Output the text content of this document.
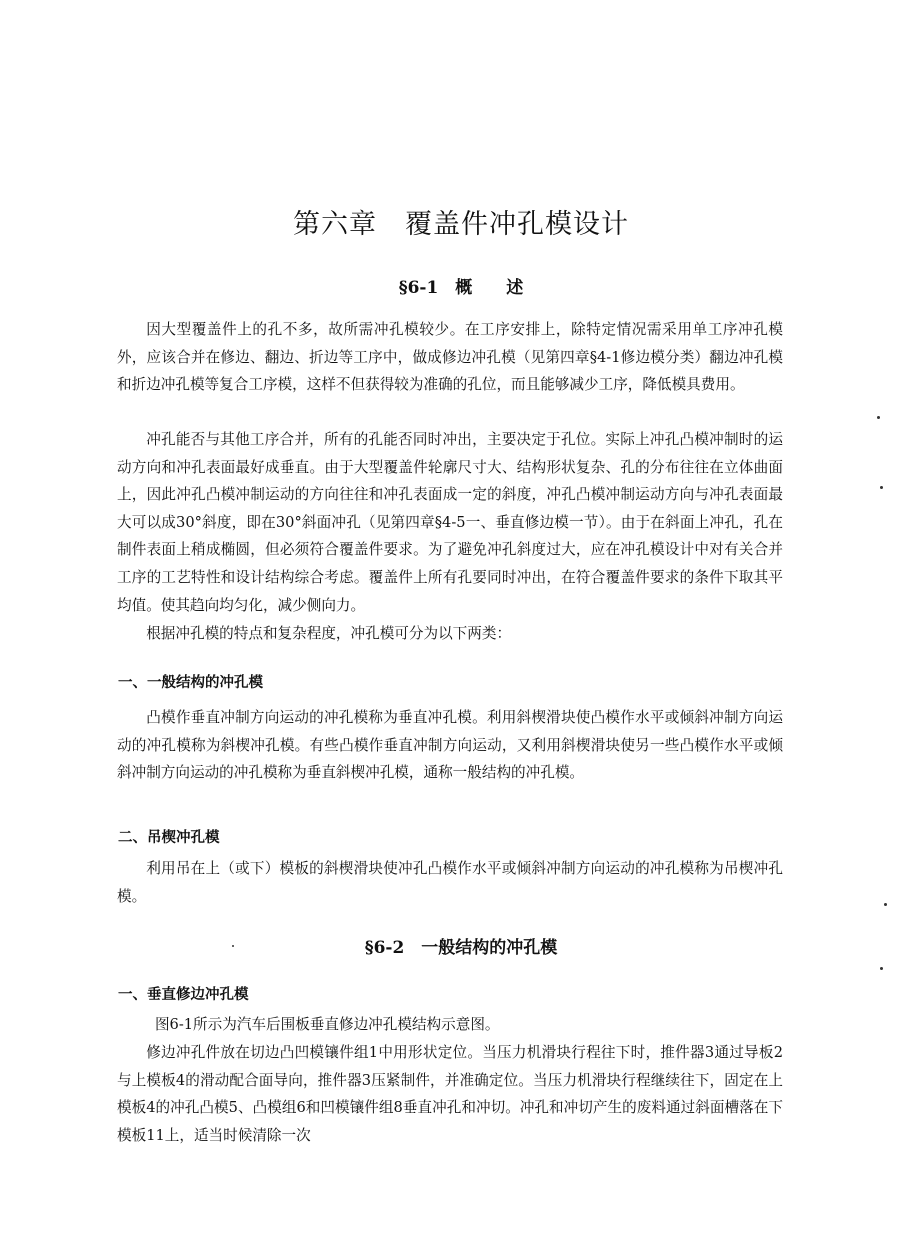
第六章　覆盖件冲孔模设计
§6-1　概　　述

因大型覆盖件上的孔不多，故所需冲孔模较少。在工序安排上，除特定情况需采用单工序冲孔模外，应该合并在修边、翻边、折边等工序中，做成修边冲孔模（见第四章§4-1修边模分类）翻边冲孔模和折边冲孔模等复合工序模，这样不但获得较为准确的孔位，而且能够减少工序，降低模具费用。

冲孔能否与其他工序合并，所有的孔能否同时冲出，主要决定于孔位。实际上冲孔凸模冲制时的运动方向和冲孔表面最好成垂直。由于大型覆盖件轮廓尺寸大、结构形状复杂、孔的分布往往在立体曲面上，因此冲孔凸模冲制运动的方向往往和冲孔表面成一定的斜度，冲孔凸模冲制运动方向与冲孔表面最大可以成30°斜度，即在30°斜面冲孔（见第四章§4-5一、垂直修边模一节）。由于在斜面上冲孔，孔在制件表面上稍成椭圆，但必须符合覆盖件要求。为了避免冲孔斜度过大，应在冲孔模设计中对有关合并工序的工艺特性和设计结构综合考虑。覆盖件上所有孔要同时冲出，在符合覆盖件要求的条件下取其平均值。使其趋向均匀化，减少侧向力。

根据冲孔模的特点和复杂程度，冲孔模可分为以下两类：

一、一般结构的冲孔模

凸模作垂直冲制方向运动的冲孔模称为垂直冲孔模。利用斜楔滑块使凸模作水平或倾斜冲制方向运动的冲孔模称为斜楔冲孔模。有些凸模作垂直冲制方向运动，又利用斜楔滑块使另一些凸模作水平或倾斜冲制方向运动的冲孔模称为垂直斜楔冲孔模，通称一般结构的冲孔模。

二、吊楔冲孔模

利用吊在上（或下）模板的斜楔滑块使冲孔凸模作水平或倾斜冲制方向运动的冲孔模称为吊楔冲孔模。

§6-2　一般结构的冲孔模
一、垂直修边冲孔模

图6-1所示为汽车后围板垂直修边冲孔模结构示意图。

修边冲孔件放在切边凸凹模镶件组1中用形状定位。当压力机滑块行程往下时，推件器3通过导板2与上模板4的滑动配合面导向，推件器3压紧制件，并准确定位。当压力机滑块行程继续往下，固定在上模板4的冲孔凸模5、凸模组6和凹模镶件组8垂直冲孔和冲切。冲孔和冲切产生的废料通过斜面槽落在下模板11上，适当时候清除一次
